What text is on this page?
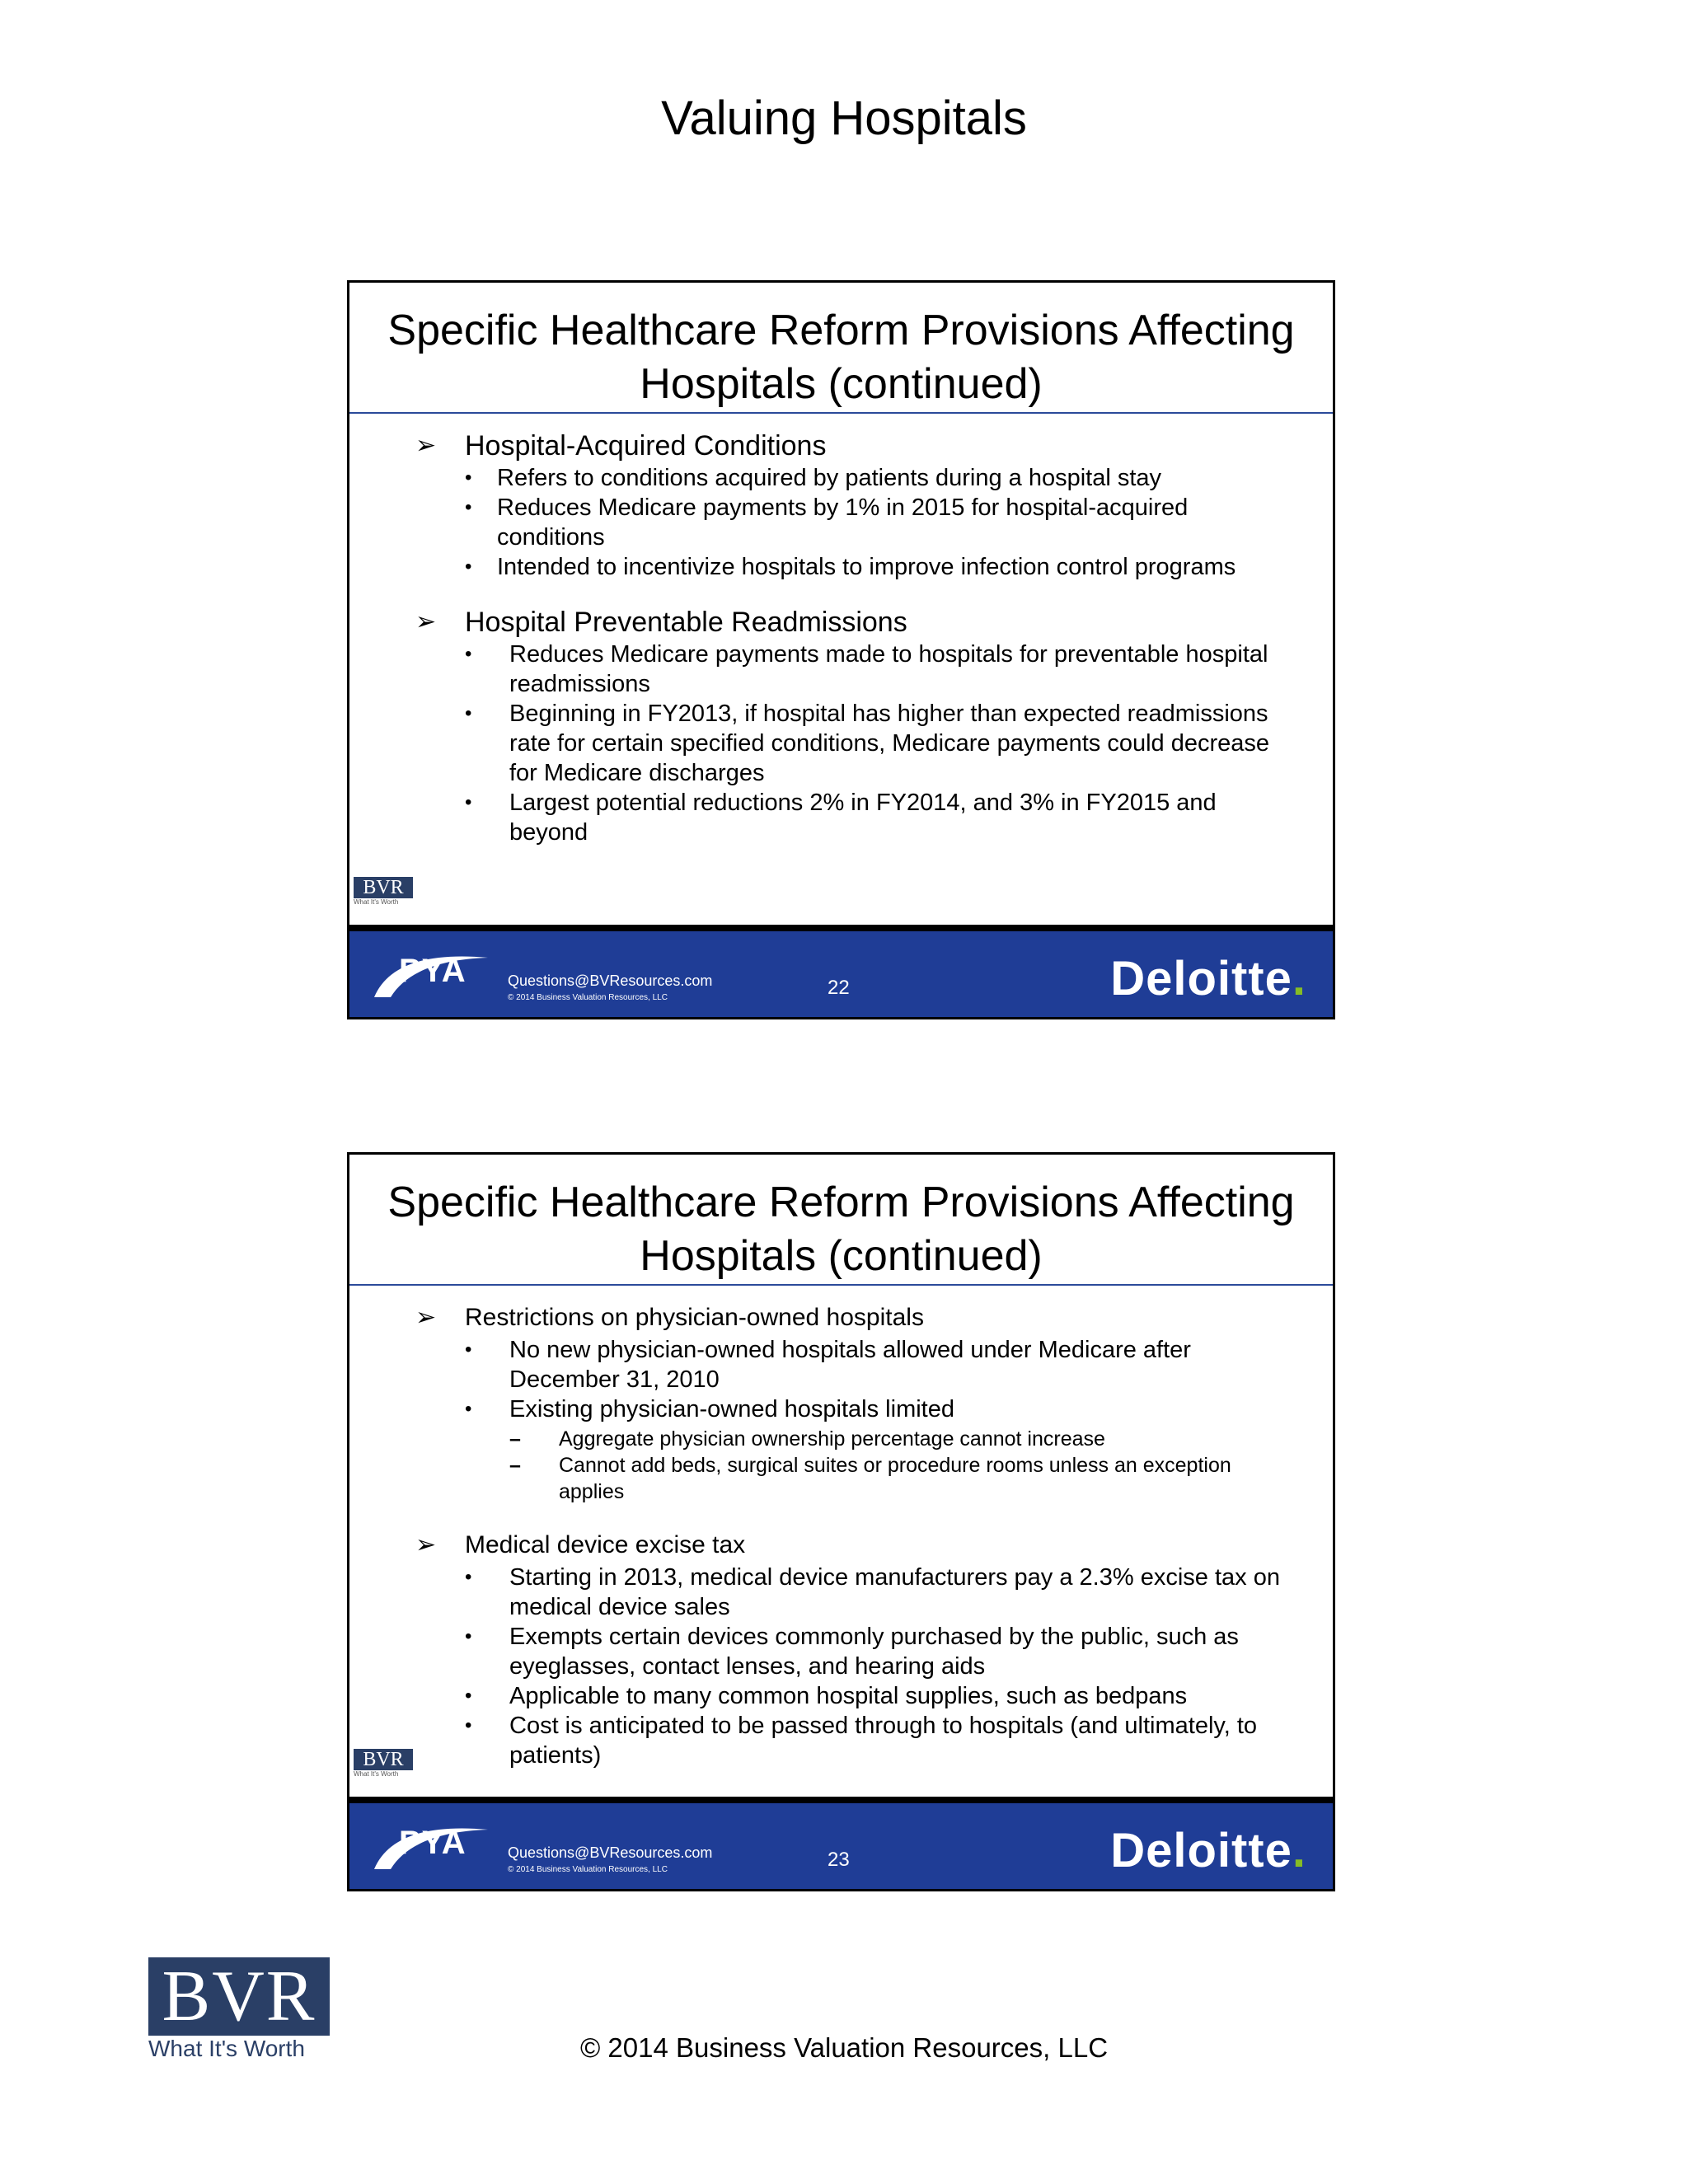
Valuing Hospitals
Specific Healthcare Reform Provisions Affecting
Hospitals (continued)
➢ Hospital-Acquired Conditions
• Refers to conditions acquired by patients during a hospital stay
• Reduces Medicare payments by 1% in 2015 for hospital-acquired conditions
• Intended to incentivize hospitals to improve infection control programs
➢ Hospital Preventable Readmissions
• Reduces Medicare payments made to hospitals for preventable hospital readmissions
• Beginning in FY2013, if hospital has higher than expected readmissions rate for certain specified conditions, Medicare payments could decrease for Medicare discharges
• Largest potential reductions 2% in FY2014, and 3% in FY2015 and beyond
BVR
What It's Worth
PYA	Questions@BVResources.com
© 2014 Business Valuation Resources, LLC	22	Deloitte.
Specific Healthcare Reform Provisions Affecting
Hospitals (continued)
➢ Restrictions on physician-owned hospitals
• No new physician-owned hospitals allowed under Medicare after December 31, 2010
• Existing physician-owned hospitals limited
– Aggregate physician ownership percentage cannot increase
– Cannot add beds, surgical suites or procedure rooms unless an exception applies
➢ Medical device excise tax
• Starting in 2013, medical device manufacturers pay a 2.3% excise tax on medical device sales
• Exempts certain devices commonly purchased by the public, such as eyeglasses, contact lenses, and hearing aids
• Applicable to many common hospital supplies, such as bedpans
• Cost is anticipated to be passed through to hospitals (and ultimately, to patients)
BVR
What It's Worth
PYA	Questions@BVResources.com
© 2014 Business Valuation Resources, LLC	23	Deloitte.
BVR
What It's Worth	© 2014 Business Valuation Resources, LLC
